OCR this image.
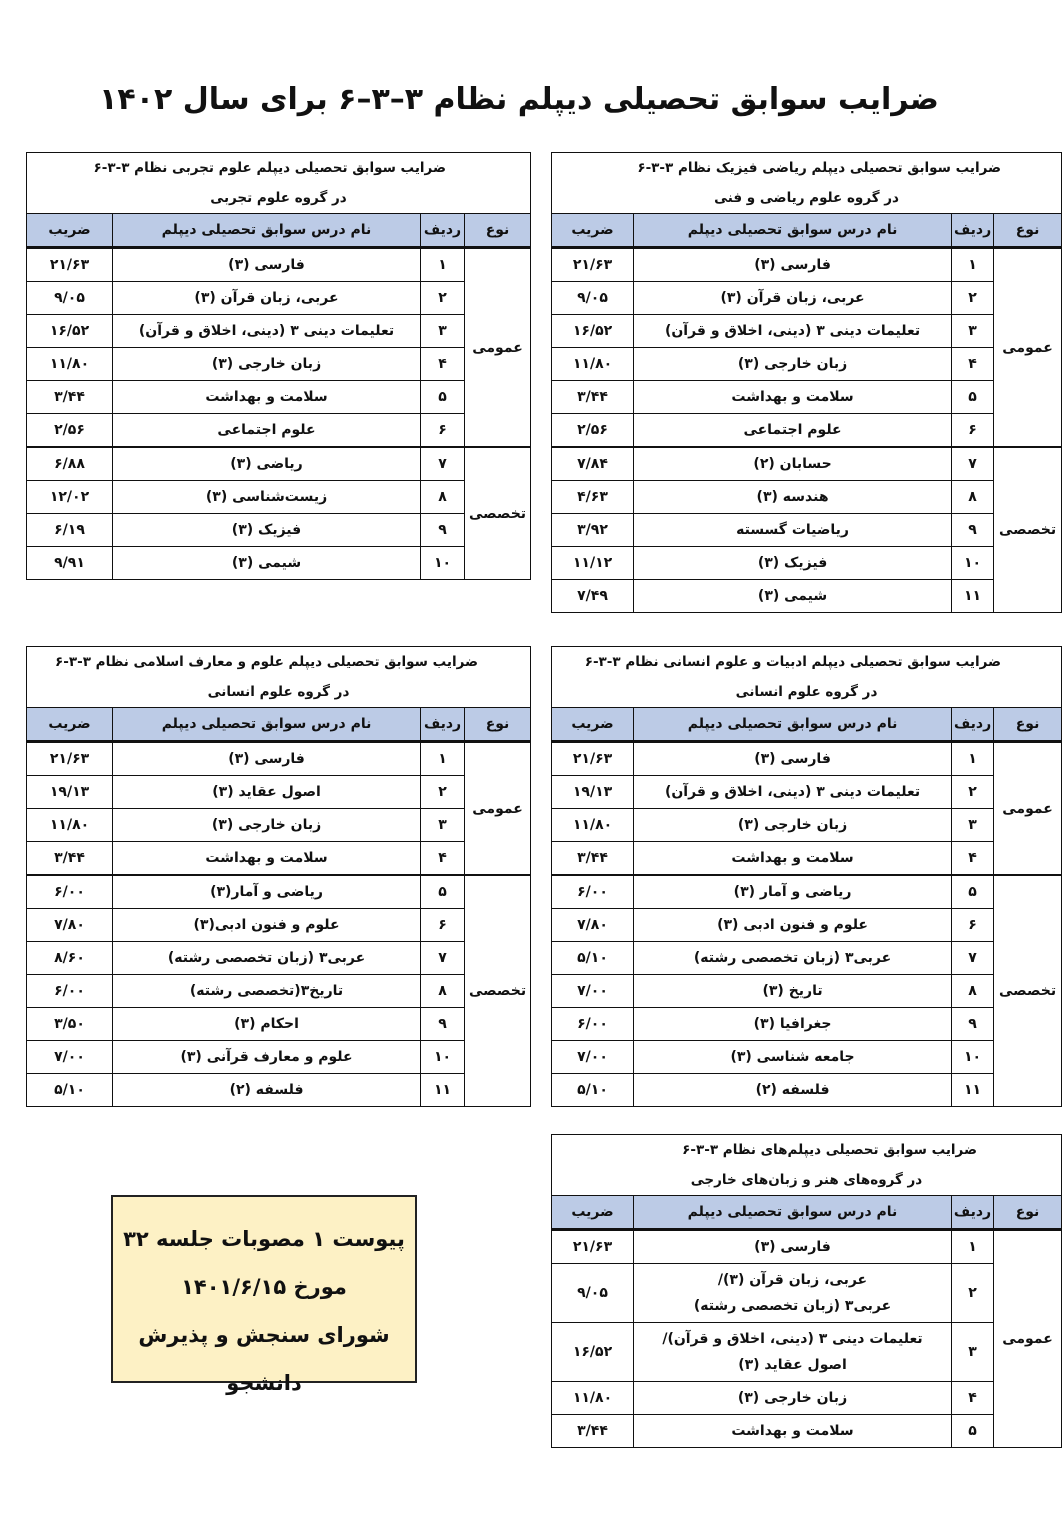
ضرایب سوابق تحصیلی دیپلم نظام ۳–۳–۶ برای سال ۱۴۰۲
ضرایب سوابق تحصیلی دیپلم ریاضی فیزیک نظام ۳-۳-۶			
در گروه علوم ریاضی و فنی			
نوع	ردیف	نام درس سوابق تحصیلی دیپلم	ضریب
عمومی	۱	فارسی (۳)	۲۱/۶۳
	۲	عربی، زبان قرآن (۳)	۹/۰۵
	۳	تعلیمات دینی ۳ (دینی، اخلاق و قرآن)	۱۶/۵۲
	۴	زبان خارجی (۳)	۱۱/۸۰
	۵	سلامت و بهداشت	۳/۴۴
	۶	علوم اجتماعی	۲/۵۶
تخصصی	۷	حسابان (۲)	۷/۸۴
	۸	هندسه (۳)	۴/۶۳
	۹	ریاضیات گسسته	۳/۹۲
	۱۰	فیزیک (۳)	۱۱/۱۲
	۱۱	شیمی (۳)	۷/۴۹
ضرایب سوابق تحصیلی دیپلم علوم تجربی نظام ۳-۳-۶			
در گروه علوم تجربی			
نوع	ردیف	نام درس سوابق تحصیلی دیپلم	ضریب
عمومی	۱	فارسی (۳)	۲۱/۶۳
	۲	عربی، زبان قرآن (۳)	۹/۰۵
	۳	تعلیمات دینی ۳ (دینی، اخلاق و قرآن)	۱۶/۵۲
	۴	زبان خارجی (۳)	۱۱/۸۰
	۵	سلامت و بهداشت	۳/۴۴
	۶	علوم اجتماعی	۲/۵۶
تخصصی	۷	ریاضی (۳)	۶/۸۸
	۸	زیست‌شناسی (۳)	۱۲/۰۲
	۹	فیزیک (۳)	۶/۱۹
	۱۰	شیمی (۳)	۹/۹۱
ضرایب سوابق تحصیلی دیپلم ادبیات و علوم انسانی نظام ۳-۳-۶			
در گروه علوم انسانی			
نوع	ردیف	نام درس سوابق تحصیلی دیپلم	ضریب
عمومی	۱	فارسی (۳)	۲۱/۶۳
	۲	تعلیمات دینی ۳ (دینی، اخلاق و قرآن)	۱۹/۱۳
	۳	زبان خارجی (۳)	۱۱/۸۰
	۴	سلامت و بهداشت	۳/۴۴
تخصصی	۵	ریاضی و آمار (۳)	۶/۰۰
	۶	علوم و فنون ادبی (۳)	۷/۸۰
	۷	عربی۳ (زبان تخصصی رشته)	۵/۱۰
	۸	تاریخ (۳)	۷/۰۰
	۹	جغرافیا (۳)	۶/۰۰
	۱۰	جامعه شناسی (۳)	۷/۰۰
	۱۱	فلسفه (۲)	۵/۱۰
ضرایب سوابق تحصیلی دیپلم علوم و معارف اسلامی نظام ۳-۳-۶			
در گروه علوم انسانی			
نوع	ردیف	نام درس سوابق تحصیلی دیپلم	ضریب
عمومی	۱	فارسی (۳)	۲۱/۶۳
	۲	اصول عقاید (۳)	۱۹/۱۳
	۳	زبان خارجی (۳)	۱۱/۸۰
	۴	سلامت و بهداشت	۳/۴۴
تخصصی	۵	ریاضی و آمار(۳)	۶/۰۰
	۶	علوم و فنون ادبی(۳)	۷/۸۰
	۷	عربی۳ (زبان تخصصی رشته)	۸/۶۰
	۸	تاریخ۳(تخصصی رشته)	۶/۰۰
	۹	احکام (۳)	۳/۵۰
	۱۰	علوم و معارف قرآنی (۳)	۷/۰۰
	۱۱	فلسفه (۲)	۵/۱۰
ضرایب سوابق تحصیلی دیپلم‌های نظام ۳-۳-۶			
در گروه‌های هنر و زبان‌های خارجی			
نوع	ردیف	نام درس سوابق تحصیلی دیپلم	ضریب
عمومی	۱	فارسی (۳)	۲۱/۶۳
	۲	عربی، زبان قرآن (۳)/
عربی۳ (زبان تخصصی رشته)	۹/۰۵
	۳	تعلیمات دینی ۳ (دینی، اخلاق و قرآن)/
اصول عقاید (۳)	۱۶/۵۲
	۴	زبان خارجی (۳)	۱۱/۸۰
	۵	سلامت و بهداشت	۳/۴۴
پیوست ۱ مصوبات جلسه ۳۲
مورخ ۱۴۰۱/۶/۱۵
شورای سنجش و پذیرش دانشجو
